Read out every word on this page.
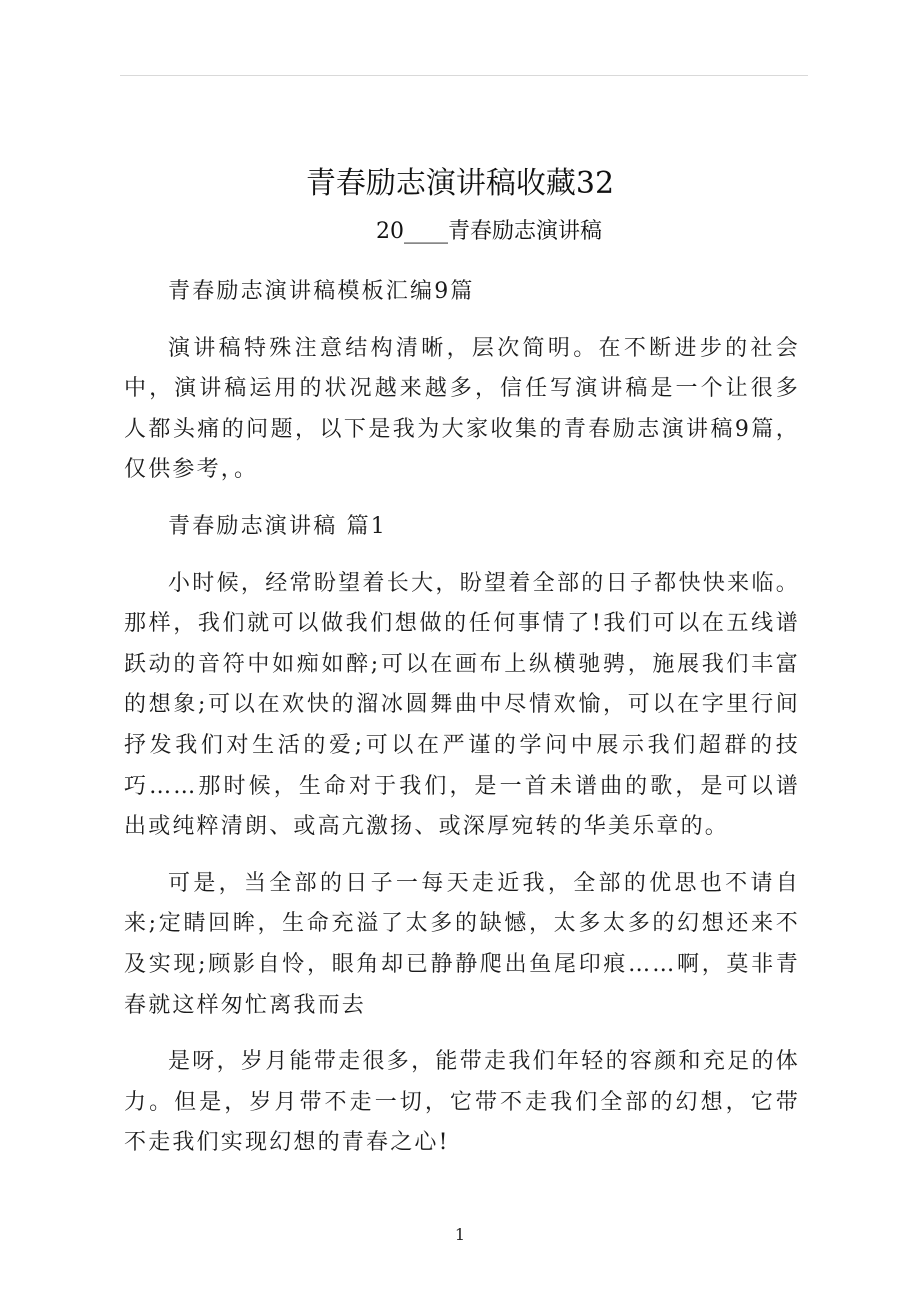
青春励志演讲稿收藏32
20____青春励志演讲稿

青春励志演讲稿模板汇编9篇

演讲稿特殊注意结构清晰，层次简明。在不断进步的社会中，演讲稿运用的状况越来越多，信任写演讲稿是一个让很多人都头痛的问题，以下是我为大家收集的青春励志演讲稿9篇，仅供参考，。

青春励志演讲稿 篇1

小时候，经常盼望着长大，盼望着全部的日子都快快来临。那样，我们就可以做我们想做的任何事情了!我们可以在五线谱跃动的音符中如痴如醉;可以在画布上纵横驰骋，施展我们丰富的想象;可以在欢快的溜冰圆舞曲中尽情欢愉，可以在字里行间抒发我们对生活的爱;可以在严谨的学问中展示我们超群的技巧……那时候，生命对于我们，是一首未谱曲的歌，是可以谱出或纯粹清朗、或高亢激扬、或深厚宛转的华美乐章的。

可是，当全部的日子一每天走近我，全部的优思也不请自来;定睛回眸，生命充溢了太多的缺憾，太多太多的幻想还来不及实现;顾影自怜，眼角却已静静爬出鱼尾印痕……啊，莫非青春就这样匆忙离我而去

是呀，岁月能带走很多，能带走我们年轻的容颜和充足的体力。但是，岁月带不走一切，它带不走我们全部的幻想，它带不走我们实现幻想的青春之心!

1
